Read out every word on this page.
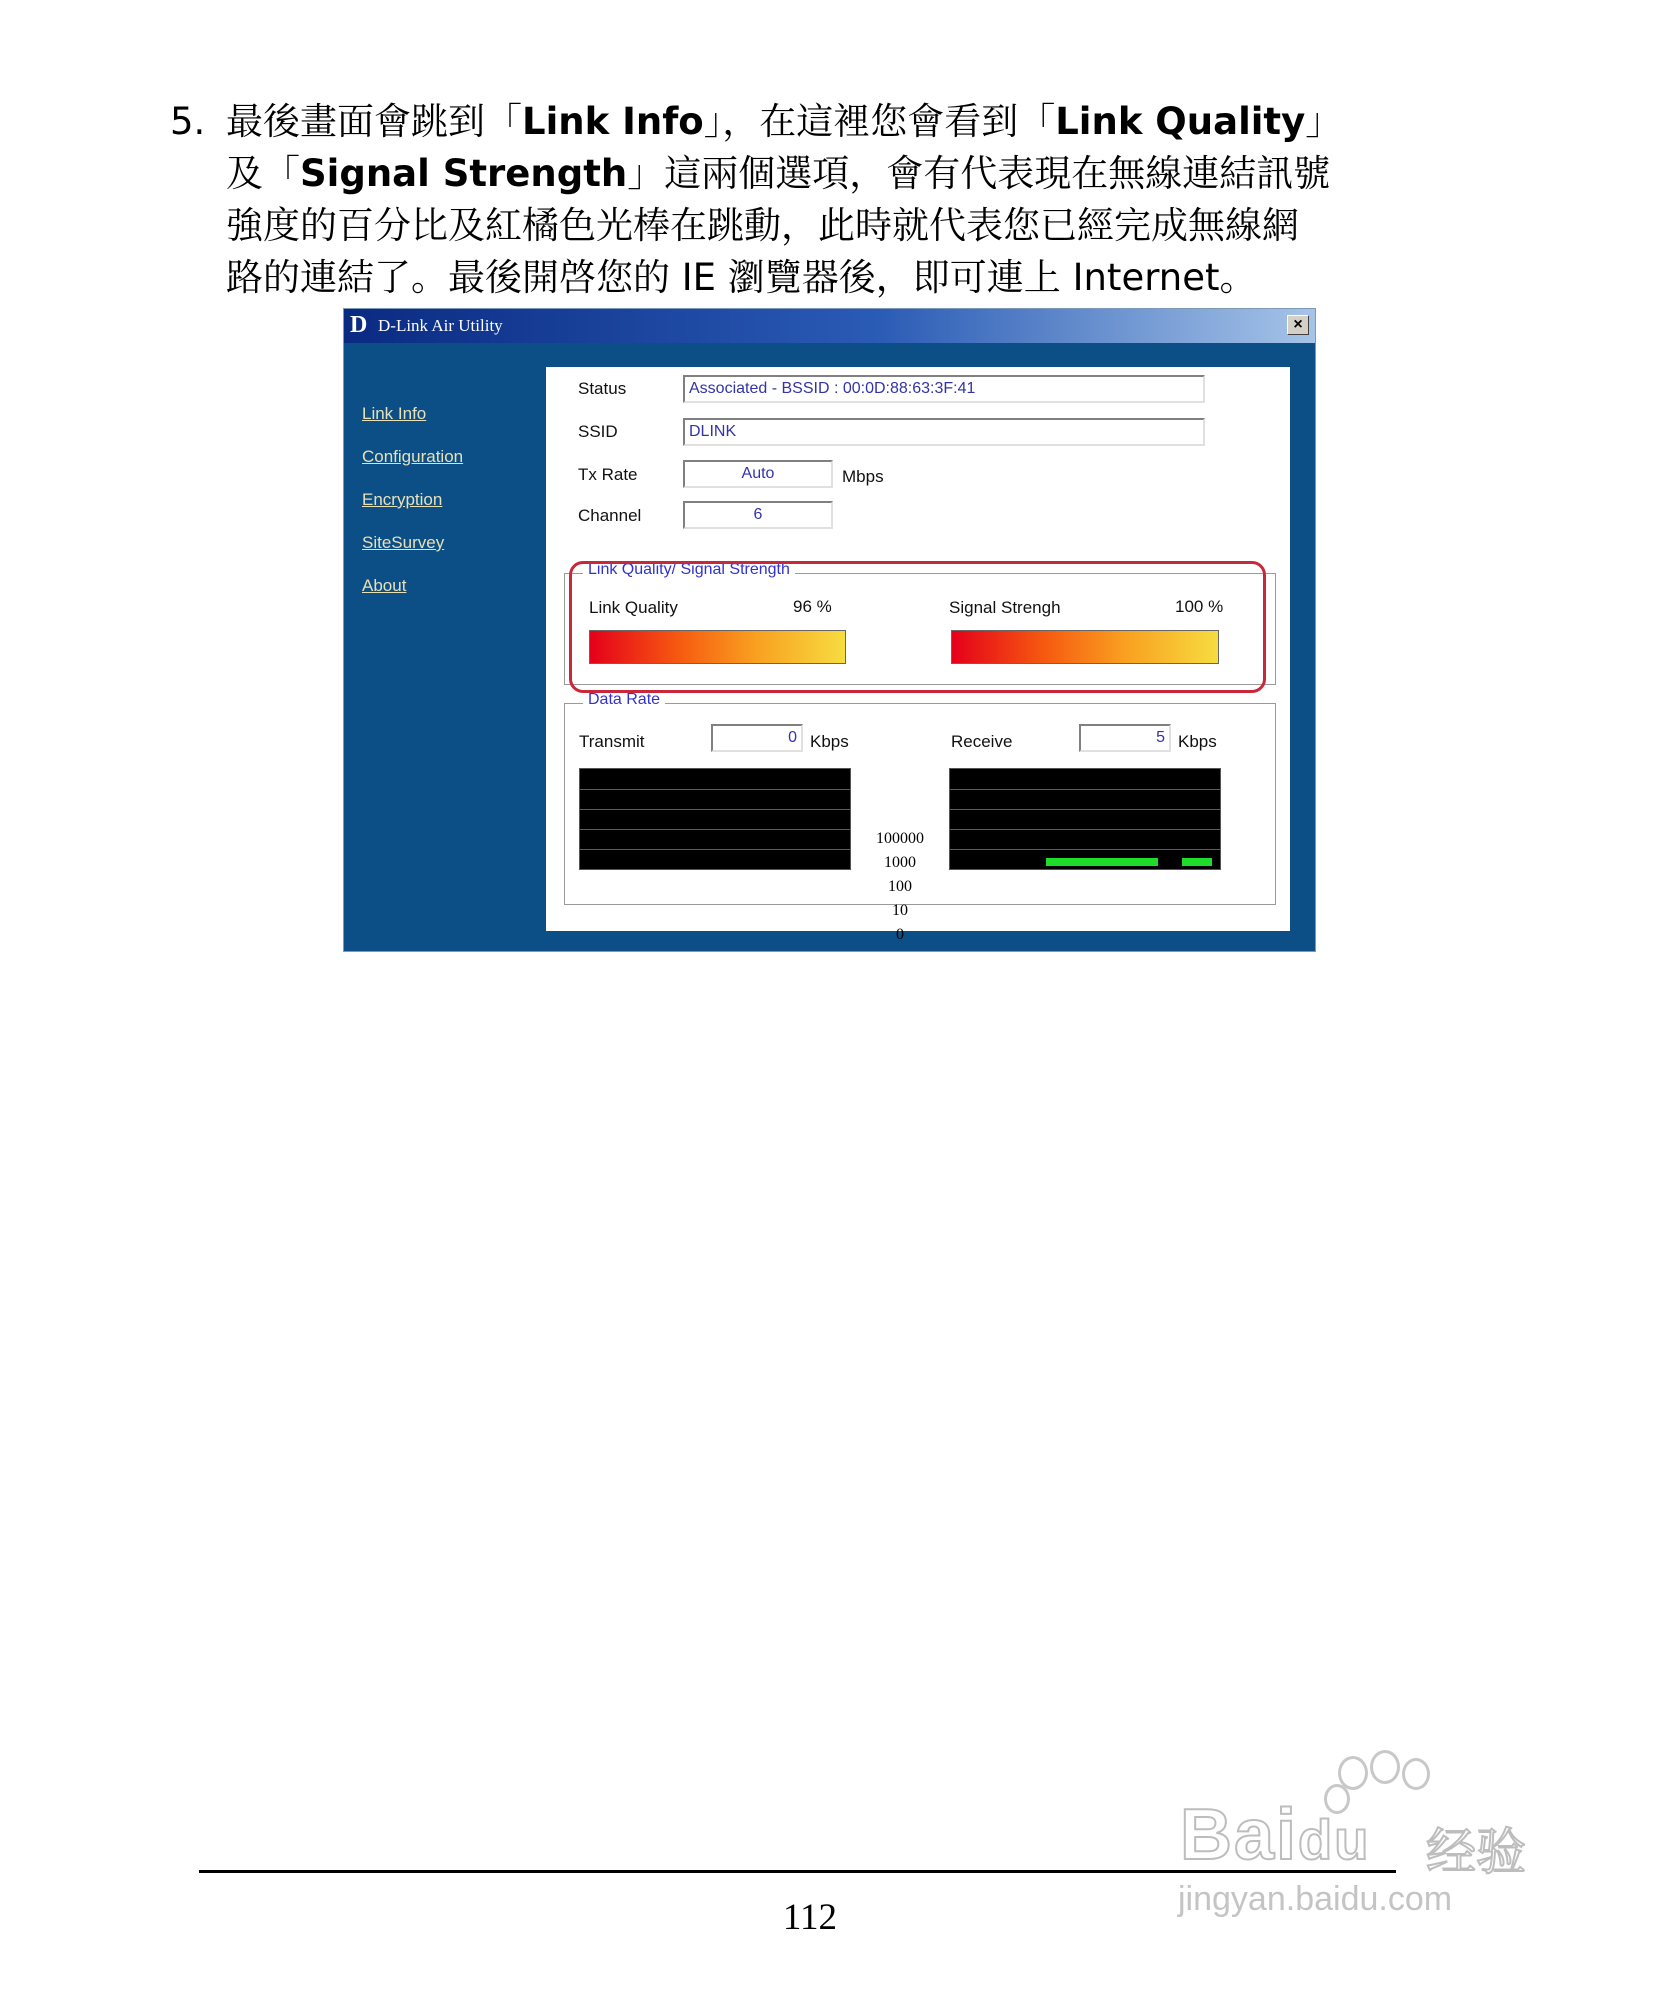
5. 最後畫面會跳到「Link Info」，在這裡您會看到「Link Quality」
及「Signal Strength」這兩個選項，會有代表現在無線連結訊號
強度的百分比及紅橘色光棒在跳動，此時就代表您已經完成無線網
路的連結了。最後開啓您的 IE 瀏覽器後，即可連上 Internet。
D D-Link Air Utility	×
Link Info
Configuration
Encryption
SiteSurvey
About
Status	Associated - BSSID : 00:0D:88:63:3F:41
SSID	DLINK
Tx Rate	Auto	Mbps
Channel	6
Link Quality/ Signal Strength
Link Quality	96 %	Signal Strengh	100 %
Data Rate
Transmit	0 Kbps	Receive	5 Kbps
100000
1000
100
10
0
112
Baidu 经验
jingyan.baidu.com
